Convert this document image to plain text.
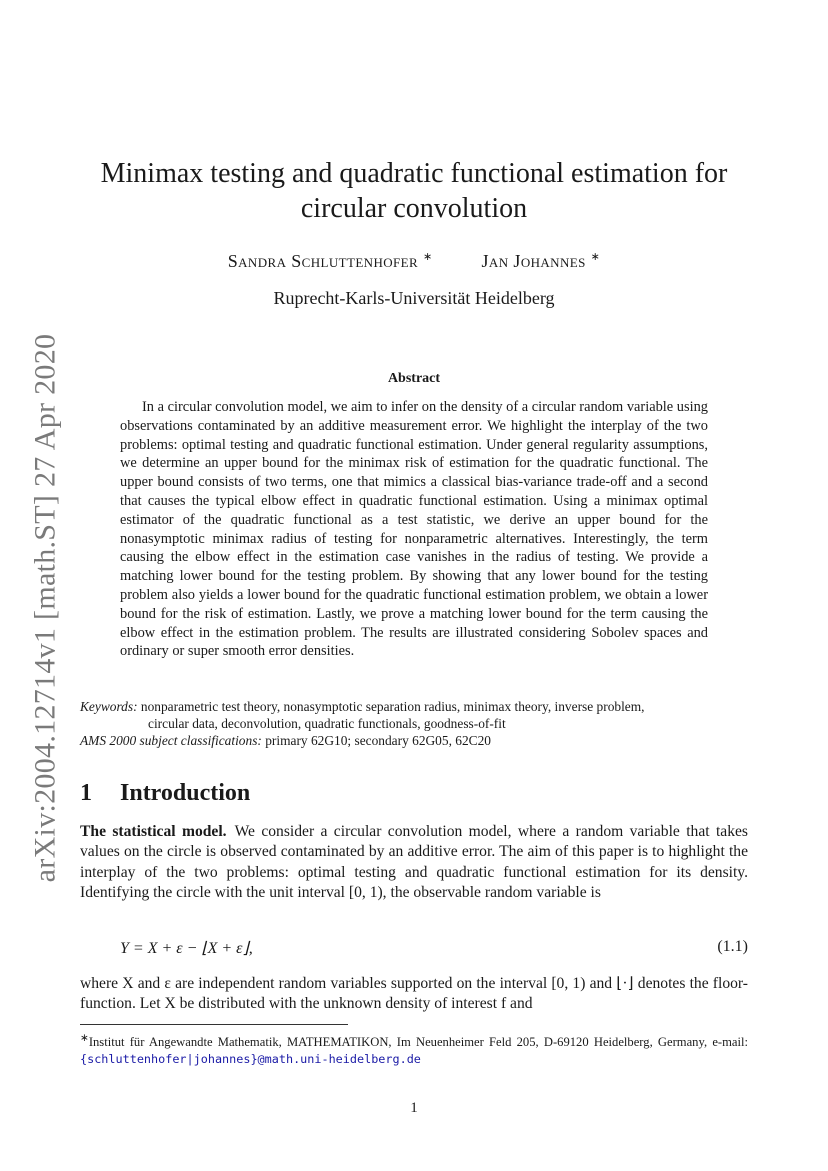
arXiv:2004.12714v1 [math.ST] 27 Apr 2020
Minimax testing and quadratic functional estimation for
circular convolution
Sandra Schluttenhofer ∗	Jan Johannes ∗
Ruprecht-Karls-Universität Heidelberg
Abstract

In a circular convolution model, we aim to infer on the density of a circular random variable using observations contaminated by an additive measurement error. We highlight the interplay of the two problems: optimal testing and quadratic functional estimation. Under general regularity assumptions, we determine an upper bound for the minimax risk of estimation for the quadratic functional. The upper bound consists of two terms, one that mimics a classical bias-variance trade-off and a second that causes the typical elbow effect in quadratic functional estimation. Using a minimax optimal estimator of the quadratic functional as a test statistic, we derive an upper bound for the nonasymptotic minimax radius of testing for nonparametric alternatives. Interestingly, the term causing the elbow effect in the estimation case vanishes in the radius of testing. We provide a matching lower bound for the testing problem. By showing that any lower bound for the testing problem also yields a lower bound for the quadratic functional estimation problem, we obtain a lower bound for the risk of estimation. Lastly, we prove a matching lower bound for the term causing the elbow effect in the estimation problem. The results are illustrated considering Sobolev spaces and ordinary or super smooth error densities.

Keywords: nonparametric test theory, nonasymptotic separation radius, minimax theory, inverse problem,
circular data, deconvolution, quadratic functionals, goodness-of-fit
AMS 2000 subject classifications: primary 62G10; secondary 62G05, 62C20
1 Introduction

The statistical model. We consider a circular convolution model, where a random variable that takes values on the circle is observed contaminated by an additive error. The aim of this paper is to highlight the interplay of the two problems: optimal testing and quadratic functional estimation for its density. Identifying the circle with the unit interval [0, 1), the observable random variable is

Y = X + ε − ⌊X + ε⌋,	(1.1)

where X and ε are independent random variables supported on the interval [0, 1) and ⌊·⌋ denotes the floor-function. Let X be distributed with the unknown density of interest f and

∗Institut für Angewandte Mathematik, MATHEMATIKON, Im Neuenheimer Feld 205, D-69120 Heidelberg, Germany, e-mail: {schluttenhofer|johannes}@math.uni-heidelberg.de

1
